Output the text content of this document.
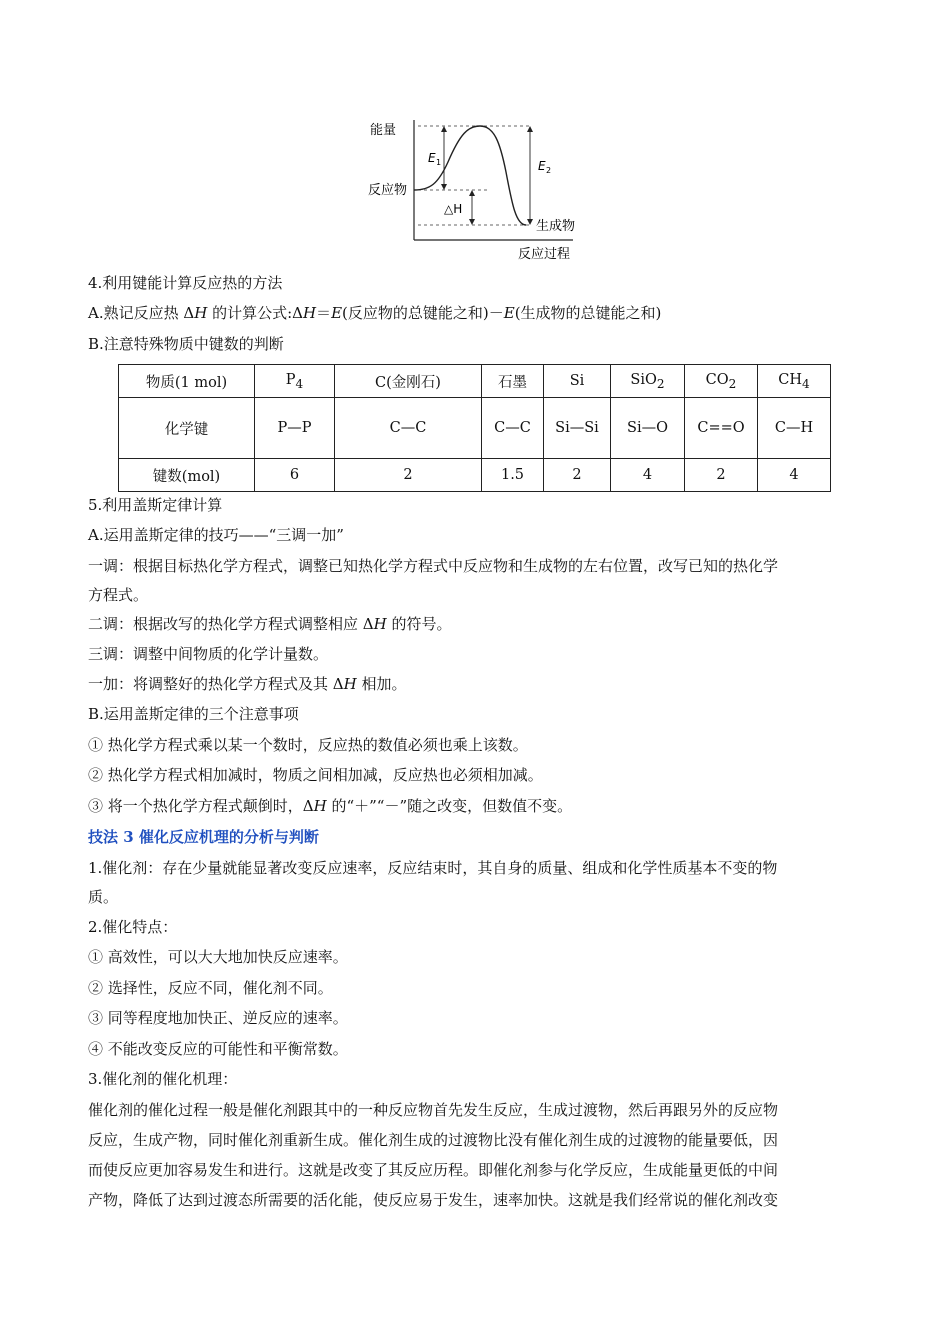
能量
反应物
生成物
反应过程
E 1	E 2
△H
4.利用键能计算反应热的方法
A.熟记反应热 ΔH 的计算公式:ΔH＝E(反应物的总键能之和)－E(生成物的总键能之和)
B.注意特殊物质中键数的判断
物质(1 mol)	$P_4$	C(金刚石)	石墨	Si	SiO$_2$	$CO_2$	$CH_4$
化学键	P—P	C—C	C—C	Si—Si	Si—O	C==O	C—H
键数(mol)	6	2	1.5	2	4	2	4
5.利用盖斯定律计算
A.运用盖斯定律的技巧——“三调一加”
一调：根据目标热化学方程式，调整已知热化学方程式中反应物和生成物的左右位置，改写已知的热化学
方程式。
二调：根据改写的热化学方程式调整相应 ΔH 的符号。
三调：调整中间物质的化学计量数。
一加：将调整好的热化学方程式及其 ΔH 相加。
B.运用盖斯定律的三个注意事项
① 热化学方程式乘以某一个数时，反应热的数值必须也乘上该数。
② 热化学方程式相加减时，物质之间相加减，反应热也必须相加减。
③ 将一个热化学方程式颠倒时，ΔH 的“＋”“－”随之改变，但数值不变。
技法 3 催化反应机理的分析与判断
1.催化剂：存在少量就能显著改变反应速率，反应结束时，其自身的质量、组成和化学性质基本不变的物
质。
2.催化特点：
① 高效性，可以大大地加快反应速率。
② 选择性，反应不同，催化剂不同。
③ 同等程度地加快正、逆反应的速率。
④ 不能改变反应的可能性和平衡常数。
3.催化剂的催化机理：
催化剂的催化过程一般是催化剂跟其中的一种反应物首先发生反应，生成过渡物，然后再跟另外的反应物
反应，生成产物，同时催化剂重新生成。催化剂生成的过渡物比没有催化剂生成的过渡物的能量要低，因
而使反应更加容易发生和进行。这就是改变了其反应历程。即催化剂参与化学反应，生成能量更低的中间
产物，降低了达到过渡态所需要的活化能，使反应易于发生，速率加快。这就是我们经常说的催化剂改变
